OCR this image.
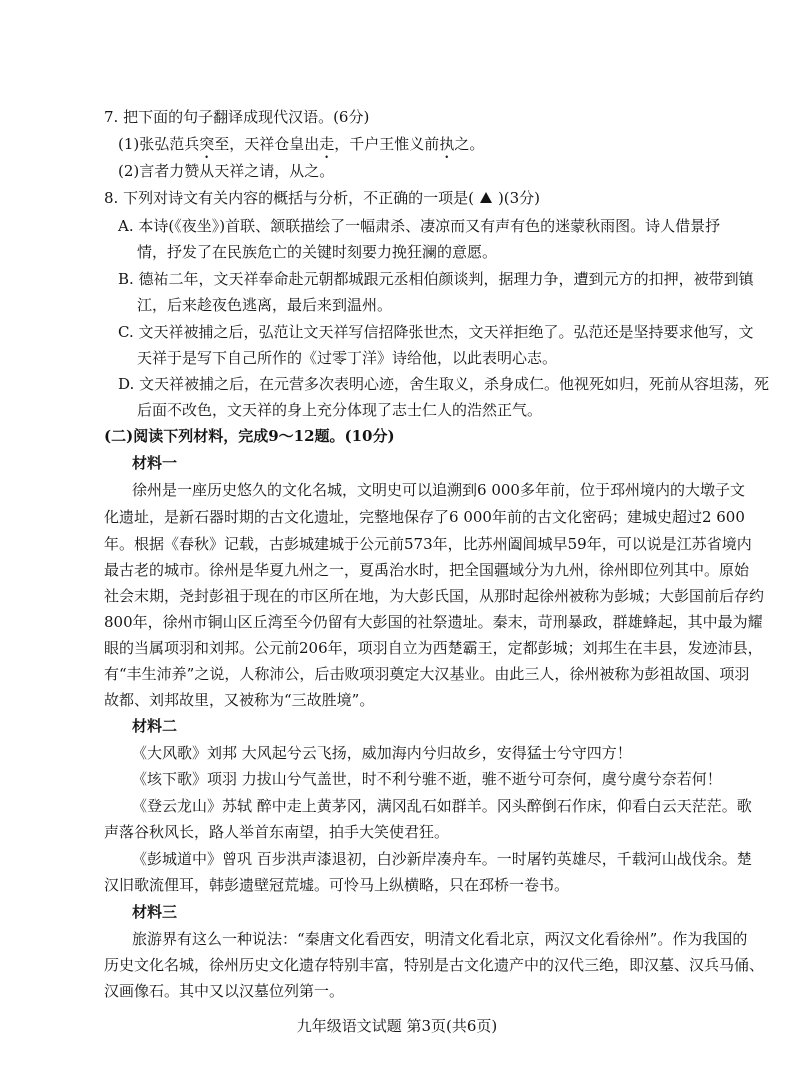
7. 把下面的句子翻译成现代汉语。(6分)
(1)张弘范兵突至，天祥仓皇出走，千户王惟义前执之。
(2)言者力赞从天祥之请，从之。
8. 下列对诗文有关内容的概括与分析，不正确的一项是( )(3分)
A. 本诗(《夜坐》)首联、颔联描绘了一幅肃杀、凄凉而又有声有色的迷蒙秋雨图。诗人借景抒
情，抒发了在民族危亡的关键时刻要力挽狂澜的意愿。
B. 德祐二年，文天祥奉命赴元朝都城跟元丞相伯颜谈判，据理力争，遭到元方的扣押，被带到镇
江，后来趁夜色逃离，最后来到温州。
C. 文天祥被捕之后，弘范让文天祥写信招降张世杰，文天祥拒绝了。弘范还是坚持要求他写，文
天祥于是写下自己所作的《过零丁洋》诗给他，以此表明心志。
D. 文天祥被捕之后，在元营多次表明心迹，舍生取义，杀身成仁。他视死如归，死前从容坦荡，死
后面不改色，文天祥的身上充分体现了志士仁人的浩然正气。
(二)阅读下列材料，完成9～12题。(10分)
材料一
徐州是一座历史悠久的文化名城，文明史可以追溯到6 000多年前，位于邳州境内的大墩子文
化遗址，是新石器时期的古文化遗址，完整地保存了6 000年前的古文化密码；建城史超过2 600
年。根据《春秋》记载，古彭城建城于公元前573年，比苏州阖闾城早59年，可以说是江苏省境内
最古老的城市。徐州是华夏九州之一，夏禹治水时，把全国疆域分为九州，徐州即位列其中。原始
社会末期，尧封彭祖于现在的市区所在地，为大彭氏国，从那时起徐州被称为彭城；大彭国前后存约
800年，徐州市铜山区丘湾至今仍留有大彭国的社祭遗址。秦末，苛刑暴政，群雄蜂起，其中最为耀
眼的当属项羽和刘邦。公元前206年，项羽自立为西楚霸王，定都彭城；刘邦生在丰县，发迹沛县，
有“丰生沛养”之说，人称沛公，后击败项羽奠定大汉基业。由此三人，徐州被称为彭祖故国、项羽
故都、刘邦故里，又被称为“三故胜境”。
材料二
《大风歌》刘邦 大风起兮云飞扬，威加海内兮归故乡，安得猛士兮守四方！
《垓下歌》项羽 力拔山兮气盖世，时不利兮骓不逝，骓不逝兮可奈何，虞兮虞兮奈若何！
《登云龙山》苏轼 醉中走上黄茅冈，满冈乱石如群羊。冈头醉倒石作床，仰看白云天茫茫。歌
声落谷秋风长，路人举首东南望，拍手大笑使君狂。
《彭城道中》曾巩 百步洪声漆退初，白沙新岸凑舟车。一时屠钓英雄尽，千载河山战伐余。楚
汉旧歌流俚耳，韩彭遗壁冠荒墟。可怜马上纵横略，只在邳桥一卷书。
材料三
旅游界有这么一种说法：“秦唐文化看西安，明清文化看北京，两汉文化看徐州”。作为我国的
历史文化名城，徐州历史文化遗存特别丰富，特别是古文化遗产中的汉代三绝，即汉墓、汉兵马俑、
汉画像石。其中又以汉墓位列第一。
九年级语文试题 第3页(共6页)
